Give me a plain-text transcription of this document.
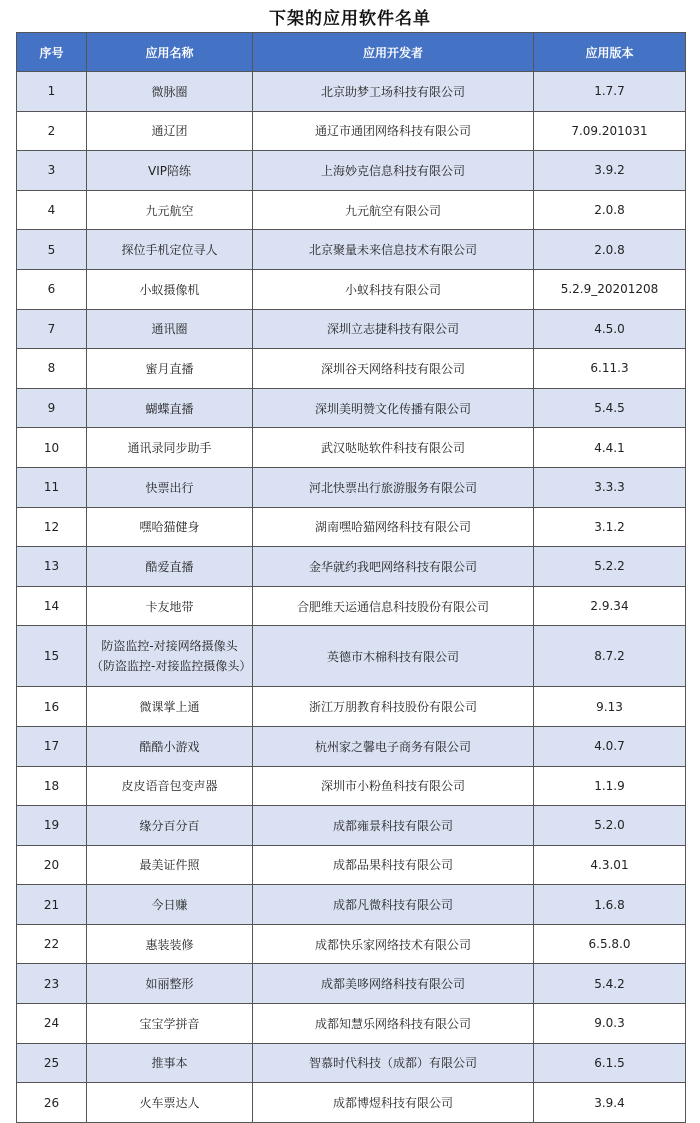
下架的应用软件名单
序号	应用名称	应用开发者	应用版本
1	微脉圈	北京助梦工场科技有限公司	1.7.7
2	通辽团	通辽市通团网络科技有限公司	7.09.201031
3	VIP陪练	上海妙克信息科技有限公司	3.9.2
4	九元航空	九元航空有限公司	2.0.8
5	探位手机定位寻人	北京聚量未来信息技术有限公司	2.0.8
6	小蚁摄像机	小蚁科技有限公司	5.2.9_20201208
7	通讯圈	深圳立志捷科技有限公司	4.5.0
8	蜜月直播	深圳谷天网络科技有限公司	6.11.3
9	蝴蝶直播	深圳美明赞文化传播有限公司	5.4.5
10	通讯录同步助手	武汉哒哒软件科技有限公司	4.4.1
11	快票出行	河北快票出行旅游服务有限公司	3.3.3
12	嘿哈猫健身	湖南嘿哈猫网络科技有限公司	3.1.2
13	酷爱直播	金华就约我吧网络科技有限公司	5.2.2
14	卡友地带	合肥维天运通信息科技股份有限公司	2.9.34
15	防盗监控-对接网络摄像头（防盗监控-对接监控摄像头）	英德市木棉科技有限公司	8.7.2
16	微课掌上通	浙江万朋教育科技股份有限公司	9.13
17	酷酷小游戏	杭州家之馨电子商务有限公司	4.0.7
18	皮皮语音包变声器	深圳市小粉鱼科技有限公司	1.1.9
19	缘分百分百	成都雍景科技有限公司	5.2.0
20	最美证件照	成都品果科技有限公司	4.3.01
21	今日赚	成都凡微科技有限公司	1.6.8
22	惠装装修	成都快乐家网络技术有限公司	6.5.8.0
23	如丽整形	成都美哆网络科技有限公司	5.4.2
24	宝宝学拼音	成都知慧乐网络科技有限公司	9.0.3
25	推事本	智慕时代科技（成都）有限公司	6.1.5
26	火车票达人	成都博煜科技有限公司	3.9.4
